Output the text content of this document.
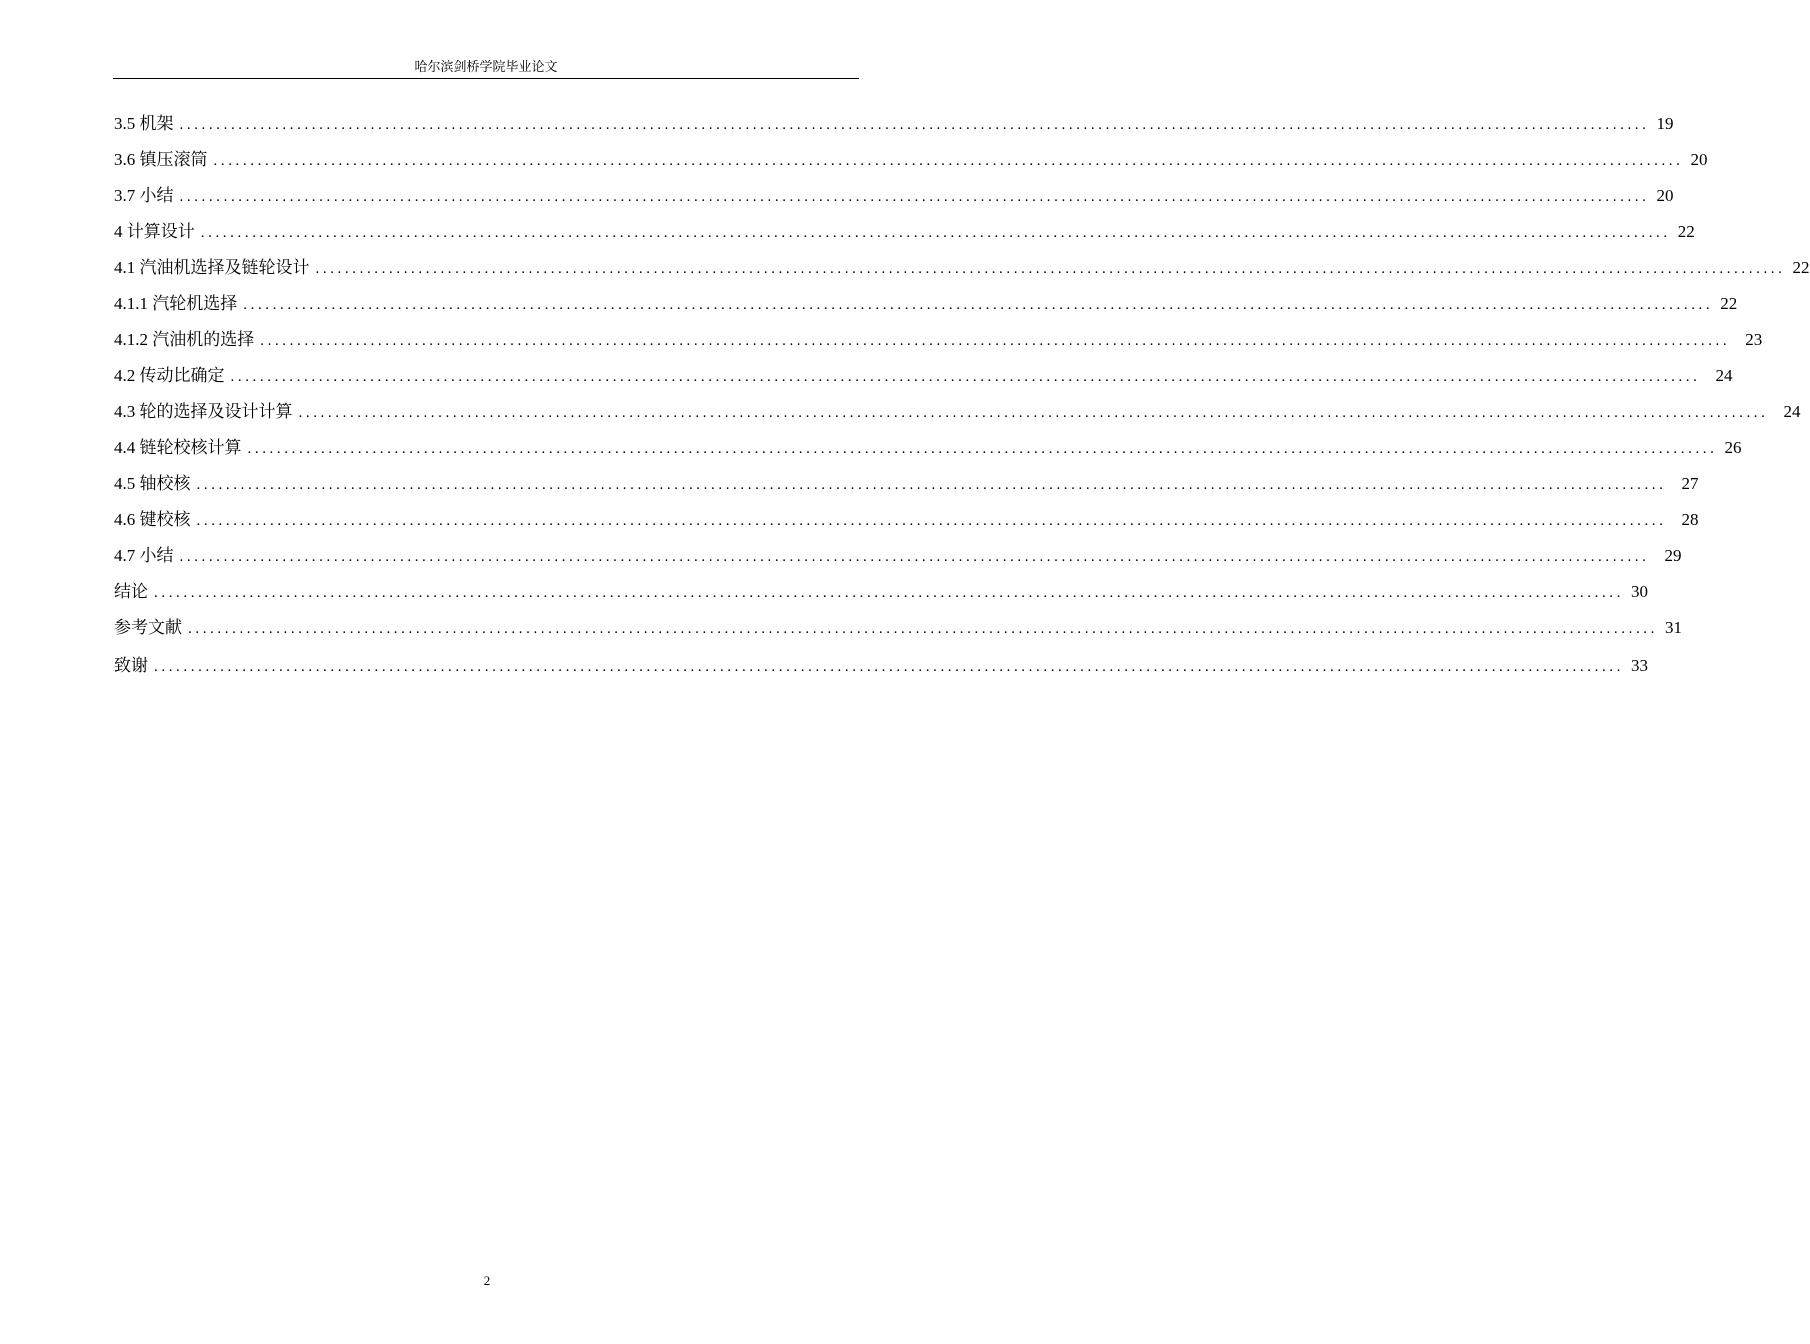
哈尔滨剑桥学院毕业论文
3.5 机架 ........................................................................................................................................................................................................ 19
3.6 镇压滚筒 ........................................................................................................................................................................................................ 20
3.7 小结 ........................................................................................................................................................................................................ 20
4 计算设计 ........................................................................................................................................................................................................ 22
4.1 汽油机选择及链轮设计 ........................................................................................................................................................................................................ 22
4.1.1 汽轮机选择 ........................................................................................................................................................................................................ 22
4.1.2 汽油机的选择 ........................................................................................................................................................................................................ 23
4.2 传动比确定 ........................................................................................................................................................................................................ 24
4.3 轮的选择及设计计算 ........................................................................................................................................................................................................ 24
4.4 链轮校核计算 ........................................................................................................................................................................................................ 26
4.5 轴校核 ........................................................................................................................................................................................................ 27
4.6 键校核 ........................................................................................................................................................................................................ 28
4.7 小结 ........................................................................................................................................................................................................ 29
结论 ........................................................................................................................................................................................................ 30
参考文献 ........................................................................................................................................................................................................ 31
致谢 ........................................................................................................................................................................................................ 33
2
